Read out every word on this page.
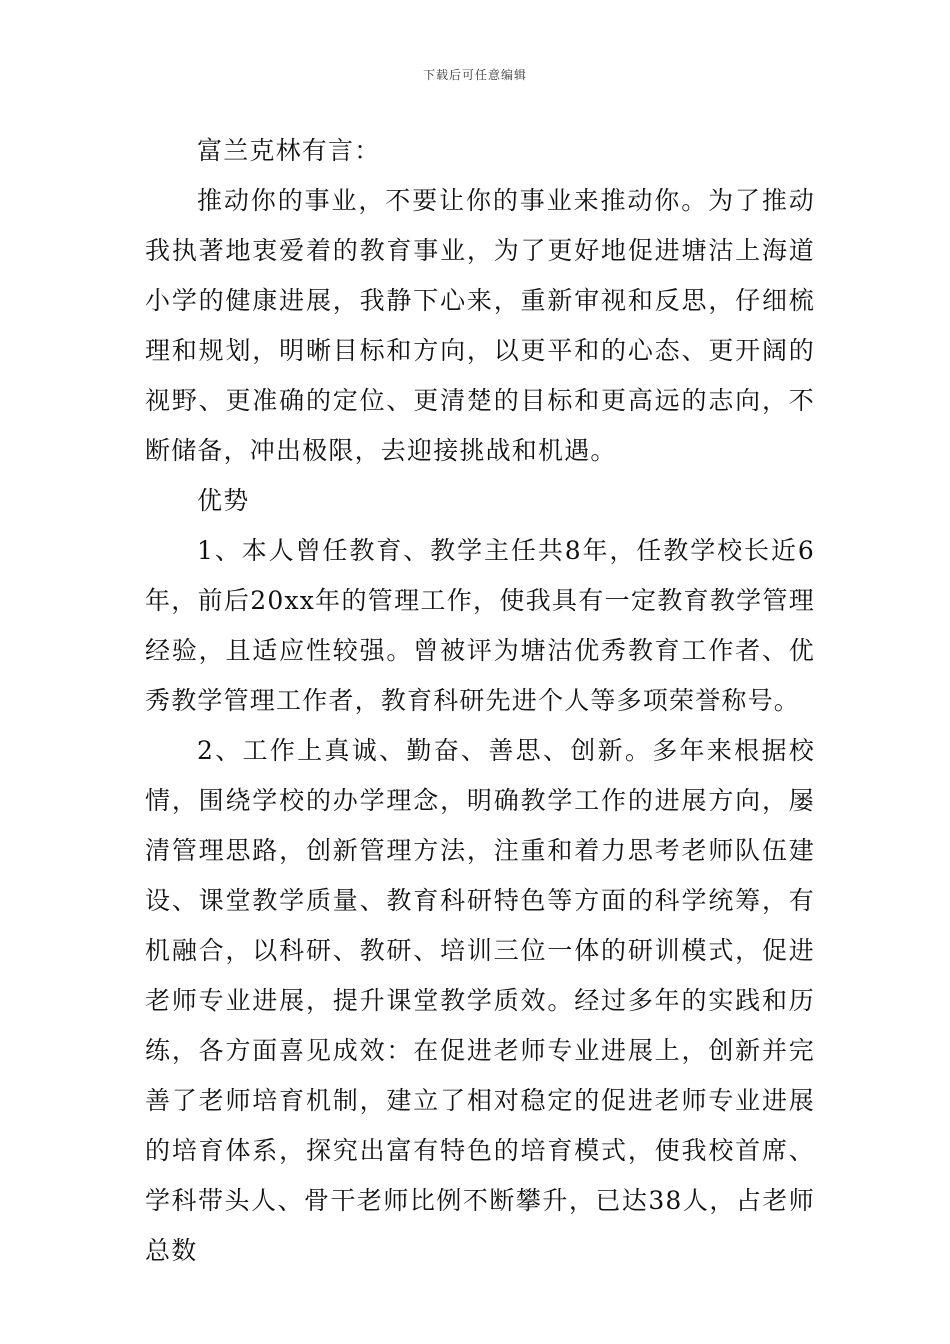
下载后可任意编辑

富兰克林有言：

推动你的事业，不要让你的事业来推动你。为了推动我执著地衷爱着的教育事业，为了更好地促进塘沽上海道小学的健康进展，我静下心来，重新审视和反思，仔细梳理和规划，明晰目标和方向，以更平和的心态、更开阔的视野、更准确的定位、更清楚的目标和更高远的志向，不断储备，冲出极限，去迎接挑战和机遇。

优势

1、本人曾任教育、教学主任共8年，任教学校长近6年，前后20xx年的管理工作，使我具有一定教育教学管理经验，且适应性较强。曾被评为塘沽优秀教育工作者、优秀教学管理工作者，教育科研先进个人等多项荣誉称号。

2、工作上真诚、勤奋、善思、创新。多年来根据校情，围绕学校的办学理念，明确教学工作的进展方向，屡清管理思路，创新管理方法，注重和着力思考老师队伍建设、课堂教学质量、教育科研特色等方面的科学统筹，有机融合，以科研、教研、培训三位一体的研训模式，促进老师专业进展，提升课堂教学质效。经过多年的实践和历练，各方面喜见成效：在促进老师专业进展上，创新并完善了老师培育机制，建立了相对稳定的促进老师专业进展的培育体系，探究出富有特色的培育模式，使我校首席、学科带头人、骨干老师比例不断攀升，已达38人，占老师总数
